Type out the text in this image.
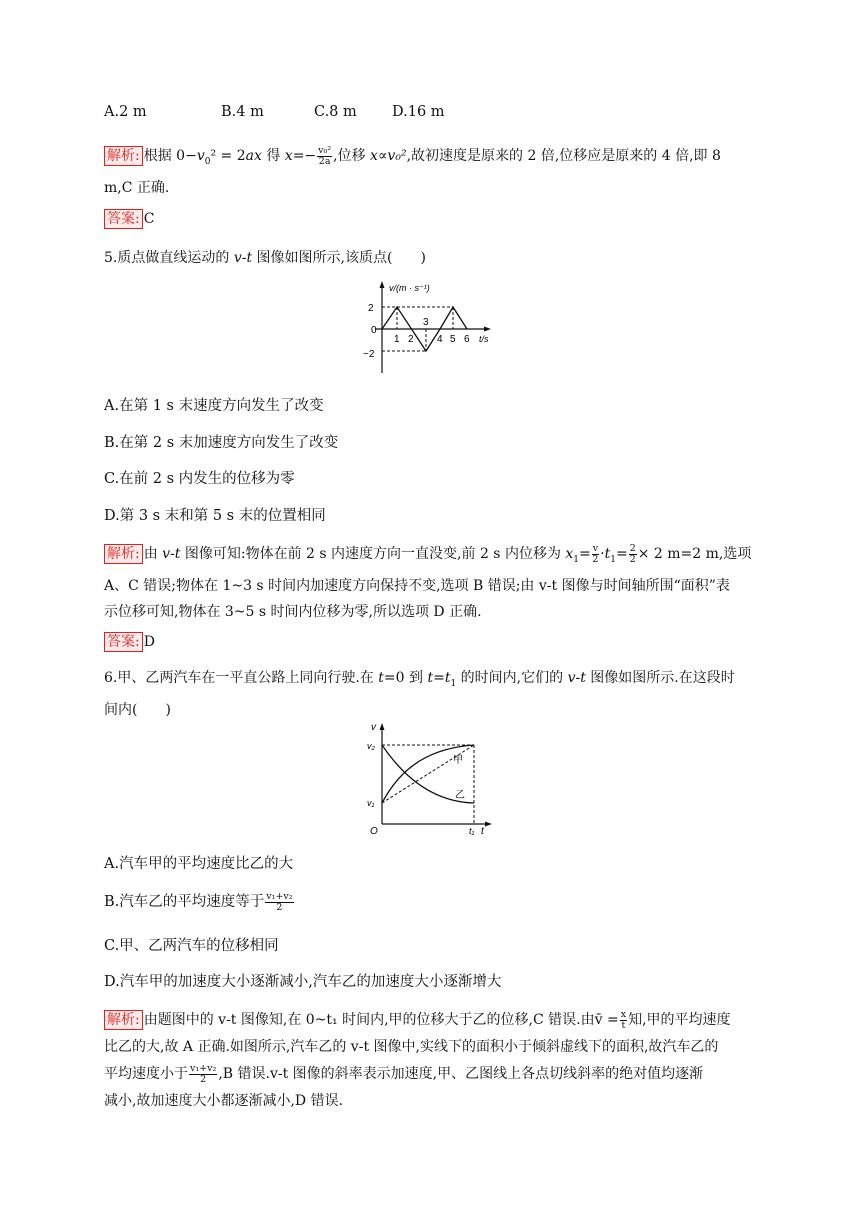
A.2 m	B.4 m	C.8 m D.16 m
解析: 根据 $0-v_0^2 = 2ax$ 得 $x=- \frac{\text{v₀²}}{2a}$ ,位移 x∝v₀²,故初速度是原来的 2 倍,位移应是原来的 4 倍,即 8
m,C 正确.
答案: C
5.质点做直线运动的 v-t 图像如图所示,该质点(　　)
v/(m · s⁻¹)
t/s
2
0
−2
1 2
3
4 5 6
A.在第 1 s 末速度方向发生了改变
B.在第 2 s 末加速度方向发生了改变
C.在前 2 s 内发生的位移为零
D.第 3 s 末和第 5 s 末的位置相同
解析: 由 v-t 图像可知:物体在前 2 s 内速度方向一直没变,前 2 s 内位移为 $x_1= \frac{v}{2} \cdot t_1= \frac{2}{2} \times 2$ m=2 m,选项
A、C 错误;物体在 1~3 s 时间内加速度方向保持不变,选项 B 错误;由 v-t 图像与时间轴所围“面积”表
示位移可知,物体在 3~5 s 时间内位移为零,所以选项 D 正确.
答案: D
6.甲、乙两汽车在一平直公路上同向行驶.在 t=0 到 $t=t_1$ 的时间内,它们的 v-t 图像如图所示.在这段时
间内(　　)
v
t
O
v₂
v₁
t₁
甲
乙
A.汽车甲的平均速度比乙的大
B.汽车乙的平均速度等于 $\frac{\text{v₁+v₂}}{2}$
C.甲、乙两汽车的位移相同
D.汽车甲的加速度大小逐渐减小,汽车乙的加速度大小逐渐增大
解析: 由题图中的 v-t 图像知,在 0~t₁ 时间内,甲的位移大于乙的位移,C 错误.由v̄ = $\frac{x}{t}$ 知,甲的平均速度
比乙的大,故 A 正确.如图所示,汽车乙的 v-t 图像中,实线下的面积小于倾斜虚线下的面积,故汽车乙的
平均速度小于 $\frac{\text{v₁+v₂}}{2} ,B$ 错误.v-t 图像的斜率表示加速度,甲、乙图线上各点切线斜率的绝对值均逐渐
减小,故加速度大小都逐渐减小,D 错误.
